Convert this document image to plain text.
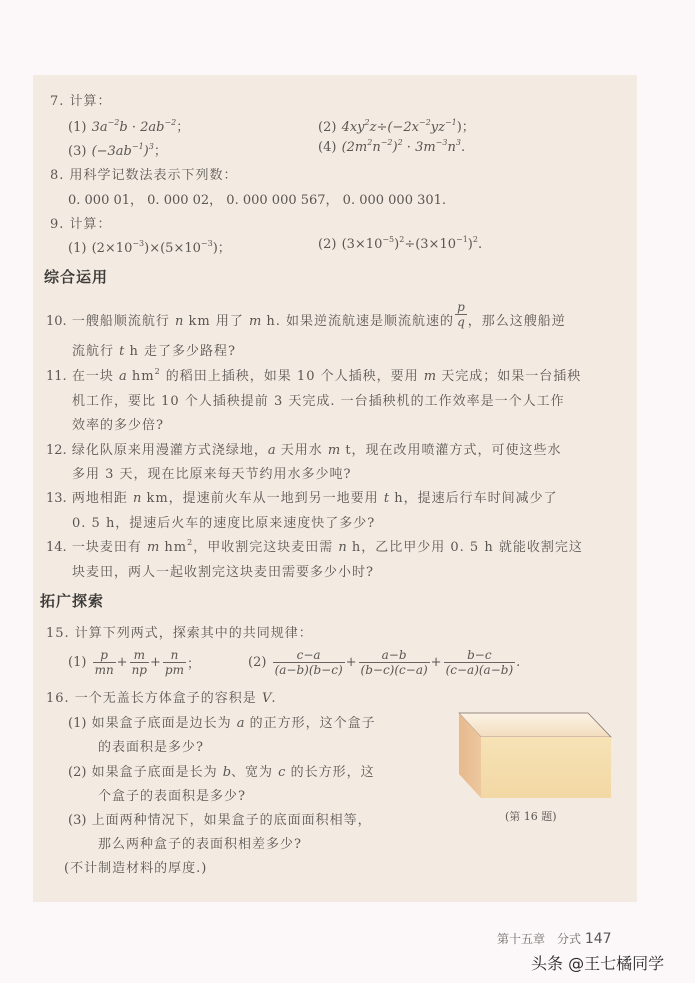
7. 计算：
(1) $3a^{-2}b \cdot 2ab^{-2}$；	(2) $4xy^2z\div(-2x^{-2}yz^{-1})$；
(3) $(-3ab^{-1})^3$；	(4) $(2m^2n^{-2})^2 \cdot 3m^{-3}n^3$.
8. 用科学记数法表示下列数：
0. 000 01， 0. 000 02， 0. 000 000 567， 0. 000 000 301.
9. 计算：
(1) $(2\times 10^{-3})\times(5\times 10^{-3})$；	(2) $(3\times 10^{-5})^2\div(3\times 10^{-1})^2$.
综合运用
10. 一艘船顺流航行 n km 用了 m h. 如果逆流航速是顺流航速的 $\frac{p}{q}$ ，那么这艘船逆
流航行 t h 走了多少路程?
11. 在一块 a $hm^2$ 的稻田上插秧，如果 10 个人插秧，要用 m 天完成；如果一台插秧
机工作，要比 10 个人插秧提前 3 天完成. 一台插秧机的工作效率是一个人工作
效率的多少倍?
12. 绿化队原来用漫灌方式浇绿地，a 天用水 m t，现在改用喷灌方式，可使这些水
多用 3 天，现在比原来每天节约用水多少吨?
13. 两地相距 n km，提速前火车从一地到另一地要用 t h，提速后行车时间减少了
0. 5 h，提速后火车的速度比原来速度快了多少?
14. 一块麦田有 m $hm^2$，甲收割完这块麦田需 n h，乙比甲少用 0. 5 h 就能收割完这
块麦田，两人一起收割完这块麦田需要多少小时?
拓广探索
15. 计算下列两式，探索其中的共同规律：
$(1) \frac{p}{mn} + \frac{m}{np} + \frac{n}{pm}$ ；	$(2) \frac{c-a}{(a-b)(b-c)} + \frac{a-b}{(b-c)(c-a)} + \frac{b-c}{(c-a)(a-b)}$ .
16. 一个无盖长方体盒子的容积是 V.
(1) 如果盒子底面是边长为 a 的正方形，这个盒子
的表面积是多少?
(2) 如果盒子底面是长为 b、宽为 c 的长方形，这
个盒子的表面积是多少?
(3) 上面两种情况下，如果盒子的底面面积相等，
那么两种盒子的表面积相差多少?
(不计制造材料的厚度.)
(第 16 题)
第十五章　分式 147
头条 @王七橘同学
